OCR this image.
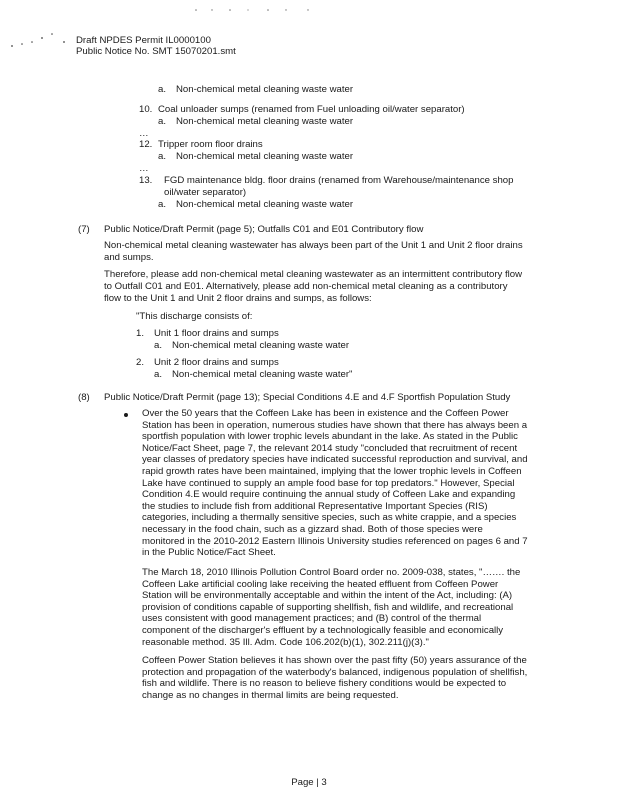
Draft NPDES Permit IL0000100
Public Notice No. SMT 15070201.smt
a. Non-chemical metal cleaning waste water
10. Coal unloader sumps (renamed from Fuel unloading oil/water separator)
a. Non-chemical metal cleaning waste water
…
12. Tripper room floor drains
a. Non-chemical metal cleaning waste water
…
13. FGD maintenance bldg. floor drains (renamed from Warehouse/maintenance shop
oil/water separator)
a. Non-chemical metal cleaning waste water
(7) Public Notice/Draft Permit (page 5); Outfalls C01 and E01 Contributory flow
Non-chemical metal cleaning wastewater has always been part of the Unit 1 and Unit 2 floor drains
and sumps.
Therefore, please add non-chemical metal cleaning wastewater as an intermittent contributory flow
to Outfall C01 and E01. Alternatively, please add non-chemical metal cleaning as a contributory
flow to the Unit 1 and Unit 2 floor drains and sumps, as follows:
"This discharge consists of:
1. Unit 1 floor drains and sumps
a. Non-chemical metal cleaning waste water
2. Unit 2 floor drains and sumps
a. Non-chemical metal cleaning waste water"
(8) Public Notice/Draft Permit (page 13); Special Conditions 4.E and 4.F Sportfish Population Study
Over the 50 years that the Coffeen Lake has been in existence and the Coffeen Power
Station has been in operation, numerous studies have shown that there has always been a
sportfish population with lower trophic levels abundant in the lake. As stated in the Public
Notice/Fact Sheet, page 7, the relevant 2014 study "concluded that recruitment of recent
year classes of predatory species have indicated successful reproduction and survival, and
rapid growth rates have been maintained, implying that the lower trophic levels in Coffeen
Lake have continued to supply an ample food base for top predators." However, Special
Condition 4.E would require continuing the annual study of Coffeen Lake and expanding
the studies to include fish from additional Representative Important Species (RIS)
categories, including a thermally sensitive species, such as white crappie, and a species
necessary in the food chain, such as a gizzard shad. Both of those species were
monitored in the 2010-2012 Eastern Illinois University studies referenced on pages 6 and 7
in the Public Notice/Fact Sheet.
The March 18, 2010 Illinois Pollution Control Board order no. 2009-038, states, "……. the
Coffeen Lake artificial cooling lake receiving the heated effluent from Coffeen Power
Station will be environmentally acceptable and within the intent of the Act, including: (A)
provision of conditions capable of supporting shellfish, fish and wildlife, and recreational
uses consistent with good management practices; and (B) control of the thermal
component of the discharger's effluent by a technologically feasible and economically
reasonable method. 35 Ill. Adm. Code 106.202(b)(1), 302.211(j)(3)."
Coffeen Power Station believes it has shown over the past fifty (50) years assurance of the
protection and propagation of the waterbody's balanced, indigenous population of shellfish,
fish and wildlife. There is no reason to believe fishery conditions would be expected to
change as no changes in thermal limits are being requested.
Page | 3
